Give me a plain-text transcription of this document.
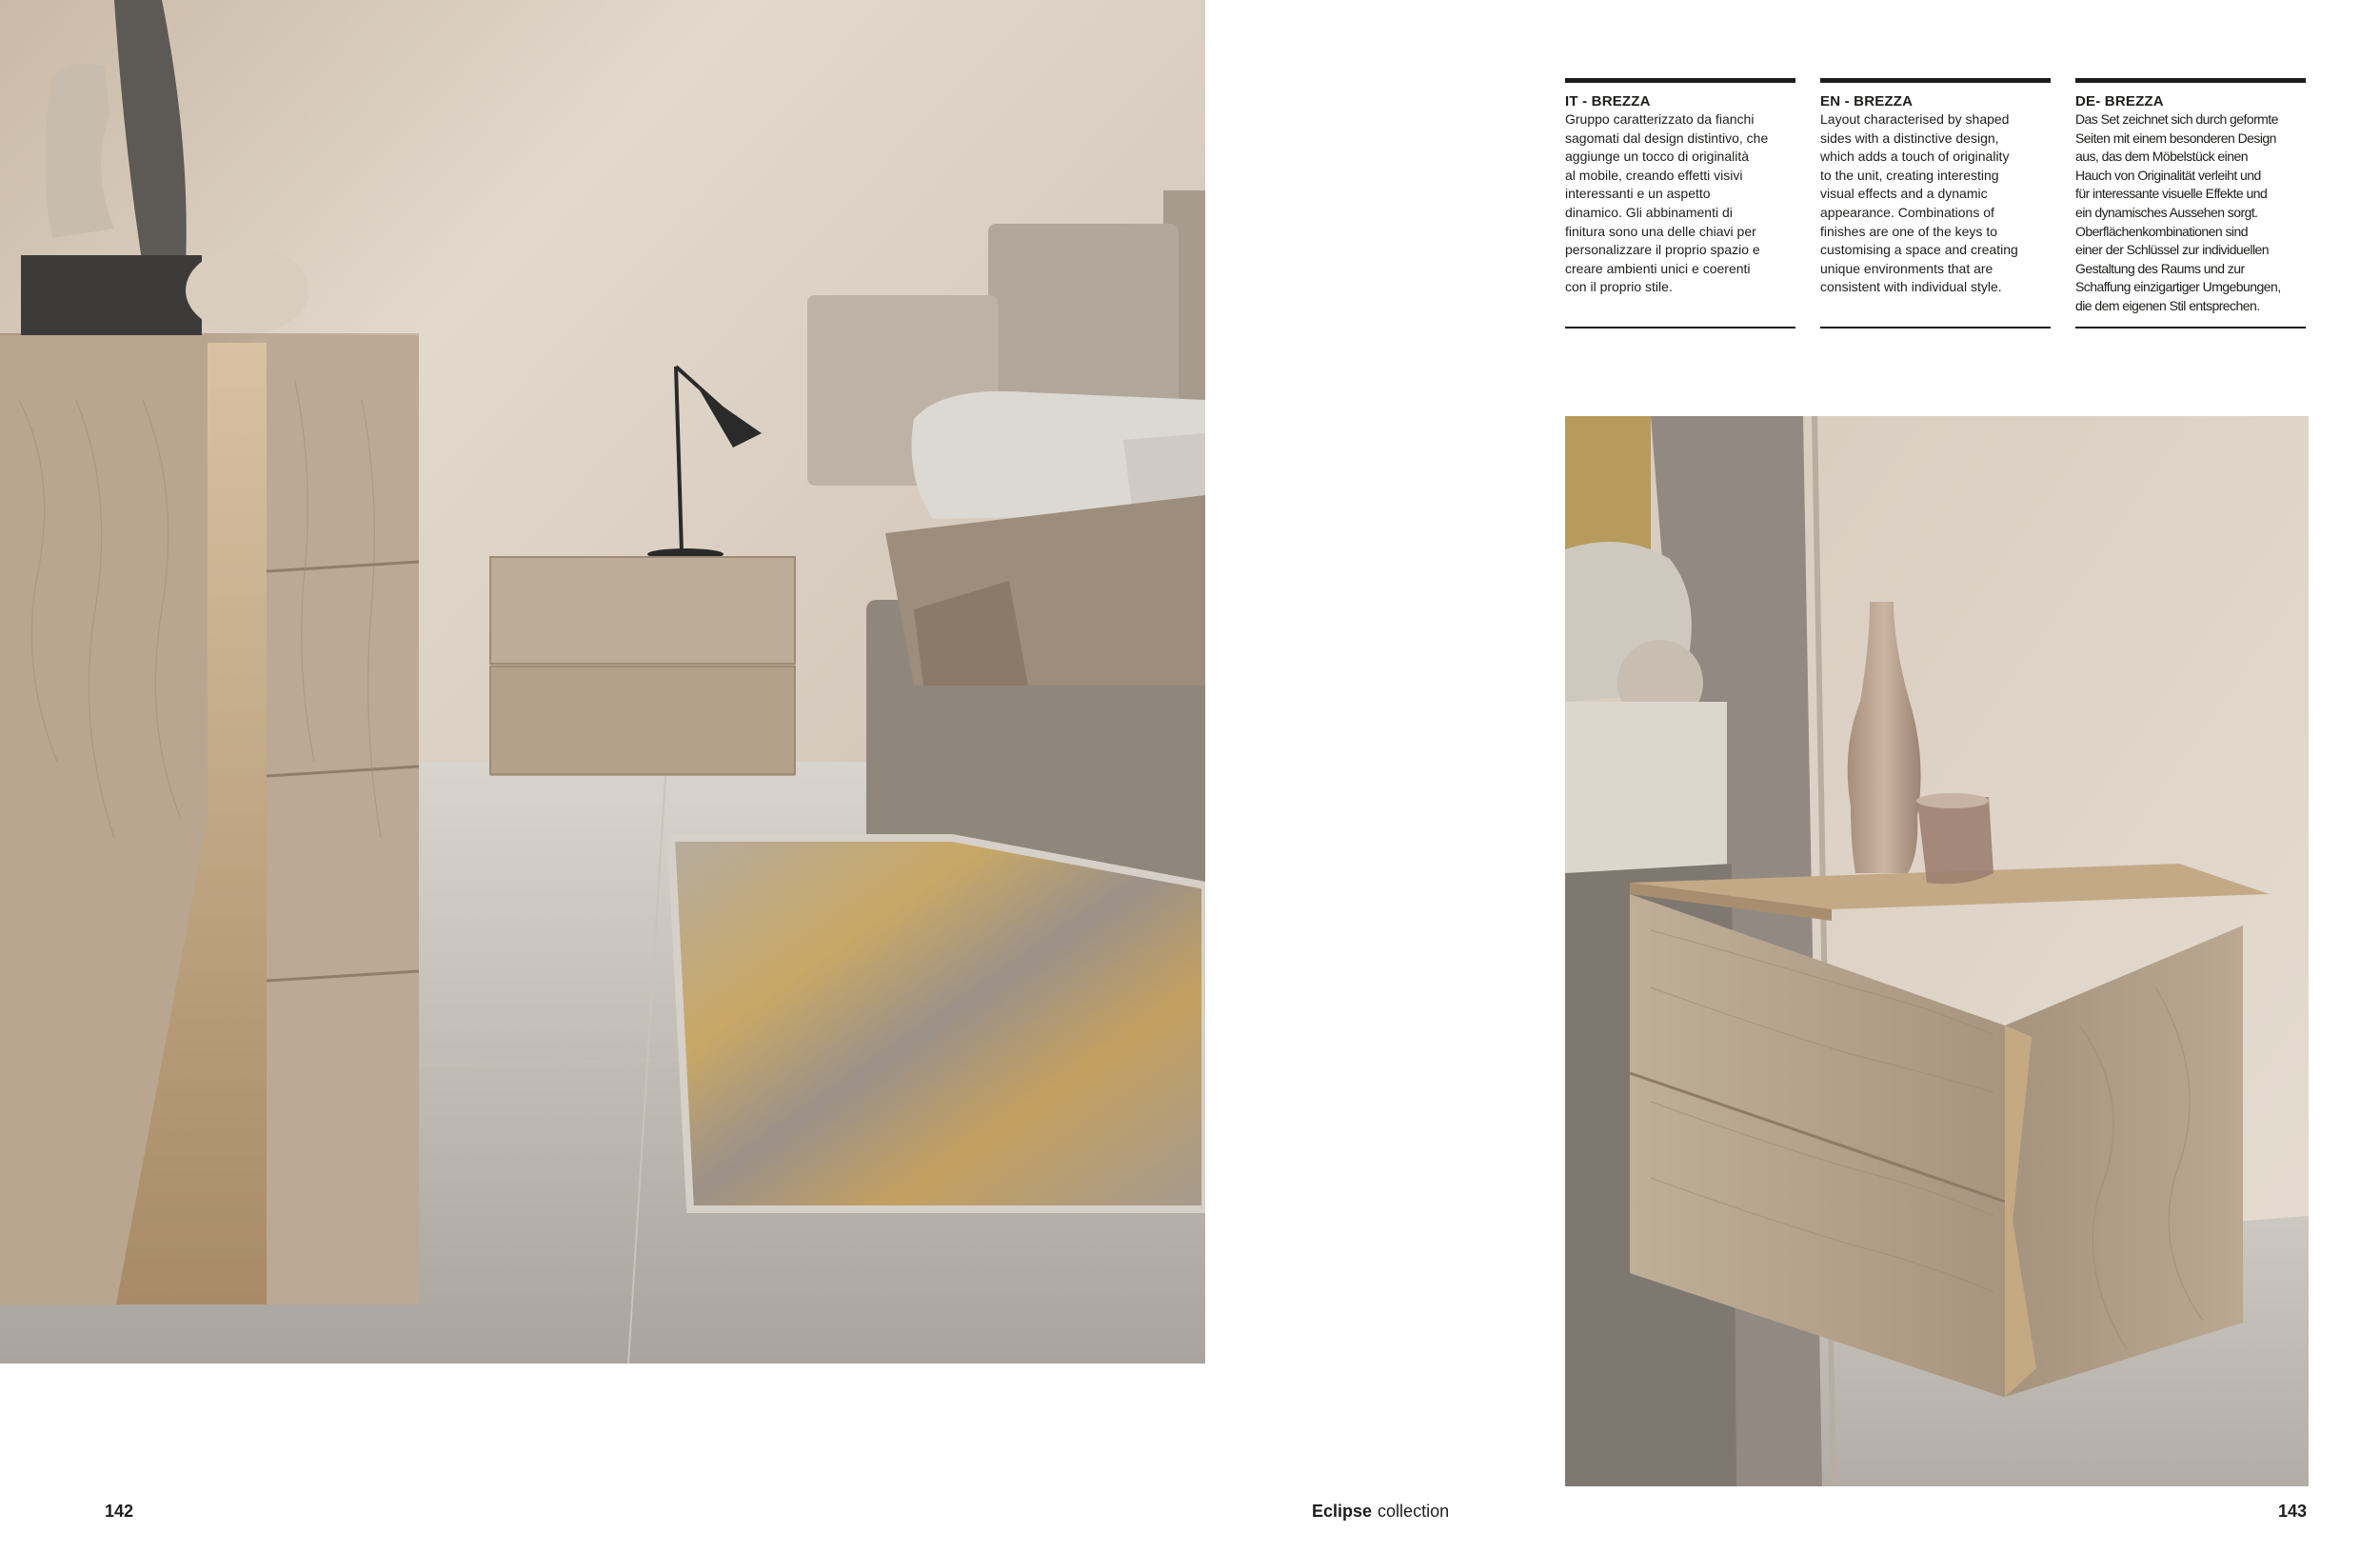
IT - BREZZA
Gruppo caratterizzato da fianchi
sagomati dal design distintivo, che
aggiunge un tocco di originalità
al mobile, creando effetti visivi
interessanti e un aspetto
dinamico. Gli abbinamenti di
finitura sono una delle chiavi per
personalizzare il proprio spazio e
creare ambienti unici e coerenti
con il proprio stile.
EN - BREZZA
Layout characterised by shaped
sides with a distinctive design,
which adds a touch of originality
to the unit, creating interesting
visual effects and a dynamic
appearance. Combinations of
finishes are one of the keys to
customising a space and creating
unique environments that are
consistent with individual style.
DE- BREZZA
Das Set zeichnet sich durch geformte
Seiten mit einem besonderen Design
aus, das dem Möbelstück einen
Hauch von Originalität verleiht und
für interessante visuelle Effekte und
ein dynamisches Aussehen sorgt.
Oberflächenkombinationen sind
einer der Schlüssel zur individuellen
Gestaltung des Raums und zur
Schaffung einzigartiger Umgebungen,
die dem eigenen Stil entsprechen.
142	Eclipse collection	143
